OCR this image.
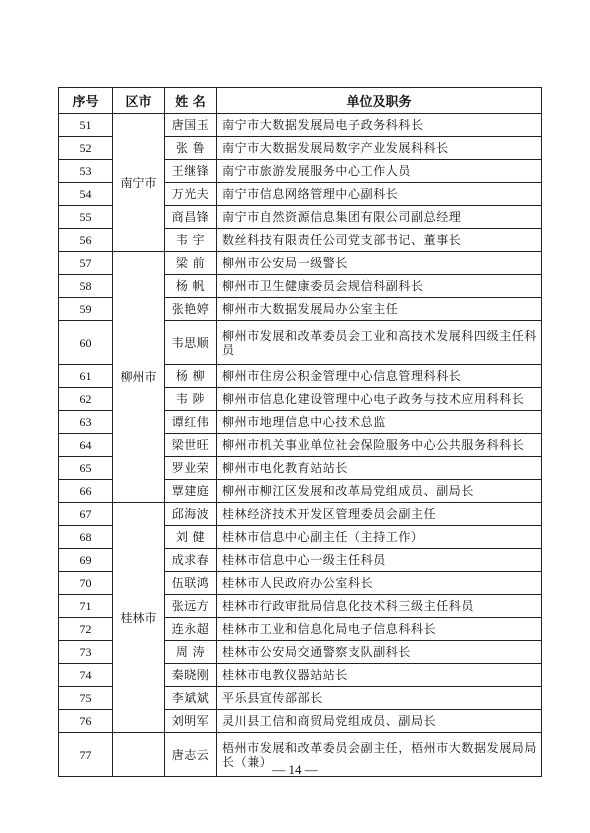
序号	区市	姓 名	单位及职务
51	南宁市	唐国玉	南宁市大数据发展局电子政务科科长
52		张 鲁	南宁市大数据发展局数字产业发展科科长
53		王继锋	南宁市旅游发展服务中心工作人员
54		万光夫	南宁市信息网络管理中心副科长
55		商昌锋	南宁市自然资源信息集团有限公司副总经理
56		韦 宇	数丝科技有限责任公司党支部书记、董事长
57	柳州市	梁 前	柳州市公安局一级警长
58		杨 帆	柳州市卫生健康委员会规信科副科长
59		张艳婷	柳州市大数据发展局办公室主任
60		韦思顺	柳州市发展和改革委员会工业和高技术发展科四级主任科员
61		杨 柳	柳州市住房公积金管理中心信息管理科科长
62		韦 陟	柳州市信息化建设管理中心电子政务与技术应用科科长
63		谭红伟	柳州市地理信息中心技术总监
64		梁世旺	柳州市机关事业单位社会保险服务中心公共服务科科长
65		罗业荣	柳州市电化教育站站长
66		覃建庭	柳州市柳江区发展和改革局党组成员、副局长
67	桂林市	邱海波	桂林经济技术开发区管理委员会副主任
68		刘 健	桂林市信息中心副主任（主持工作）
69		成求春	桂林市信息中心一级主任科员
70		伍联鸿	桂林市人民政府办公室科长
71		张远方	桂林市行政审批局信息化技术科三级主任科员
72		连永超	桂林市工业和信息化局电子信息科科长
73		周 涛	桂林市公安局交通警察支队副科长
74		秦晓刚	桂林市电教仪器站站长
75		李斌斌	平乐县宣传部部长
76		刘明军	灵川县工信和商贸局党组成员、副局长
77		唐志云	梧州市发展和改革委员会副主任，梧州市大数据发展局局长（兼）
— 14 —
